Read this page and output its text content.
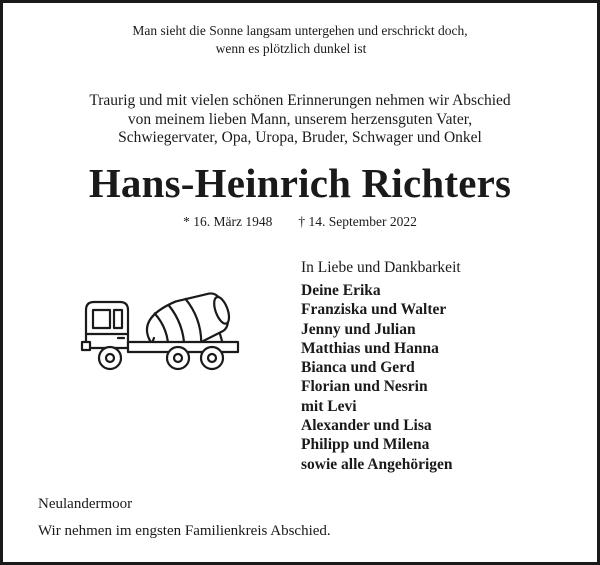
Man sieht die Sonne langsam untergehen und erschrickt doch,
wenn es plötzlich dunkel ist
Traurig und mit vielen schönen Erinnerungen nehmen wir Abschied
von meinem lieben Mann, unserem herzensguten Vater,
Schwiegervater, Opa, Uropa, Bruder, Schwager und Onkel
Hans-Heinrich Richters
* 16. März 1948 † 14. September 2022
In Liebe und Dankbarkeit
Deine Erika
Franziska und Walter
Jenny und Julian
Matthias und Hanna
Bianca und Gerd
Florian und Nesrin
mit Levi
Alexander und Lisa
Philipp und Milena
sowie alle Angehörigen
Neulandermoor
Wir nehmen im engsten Familienkreis Abschied.
